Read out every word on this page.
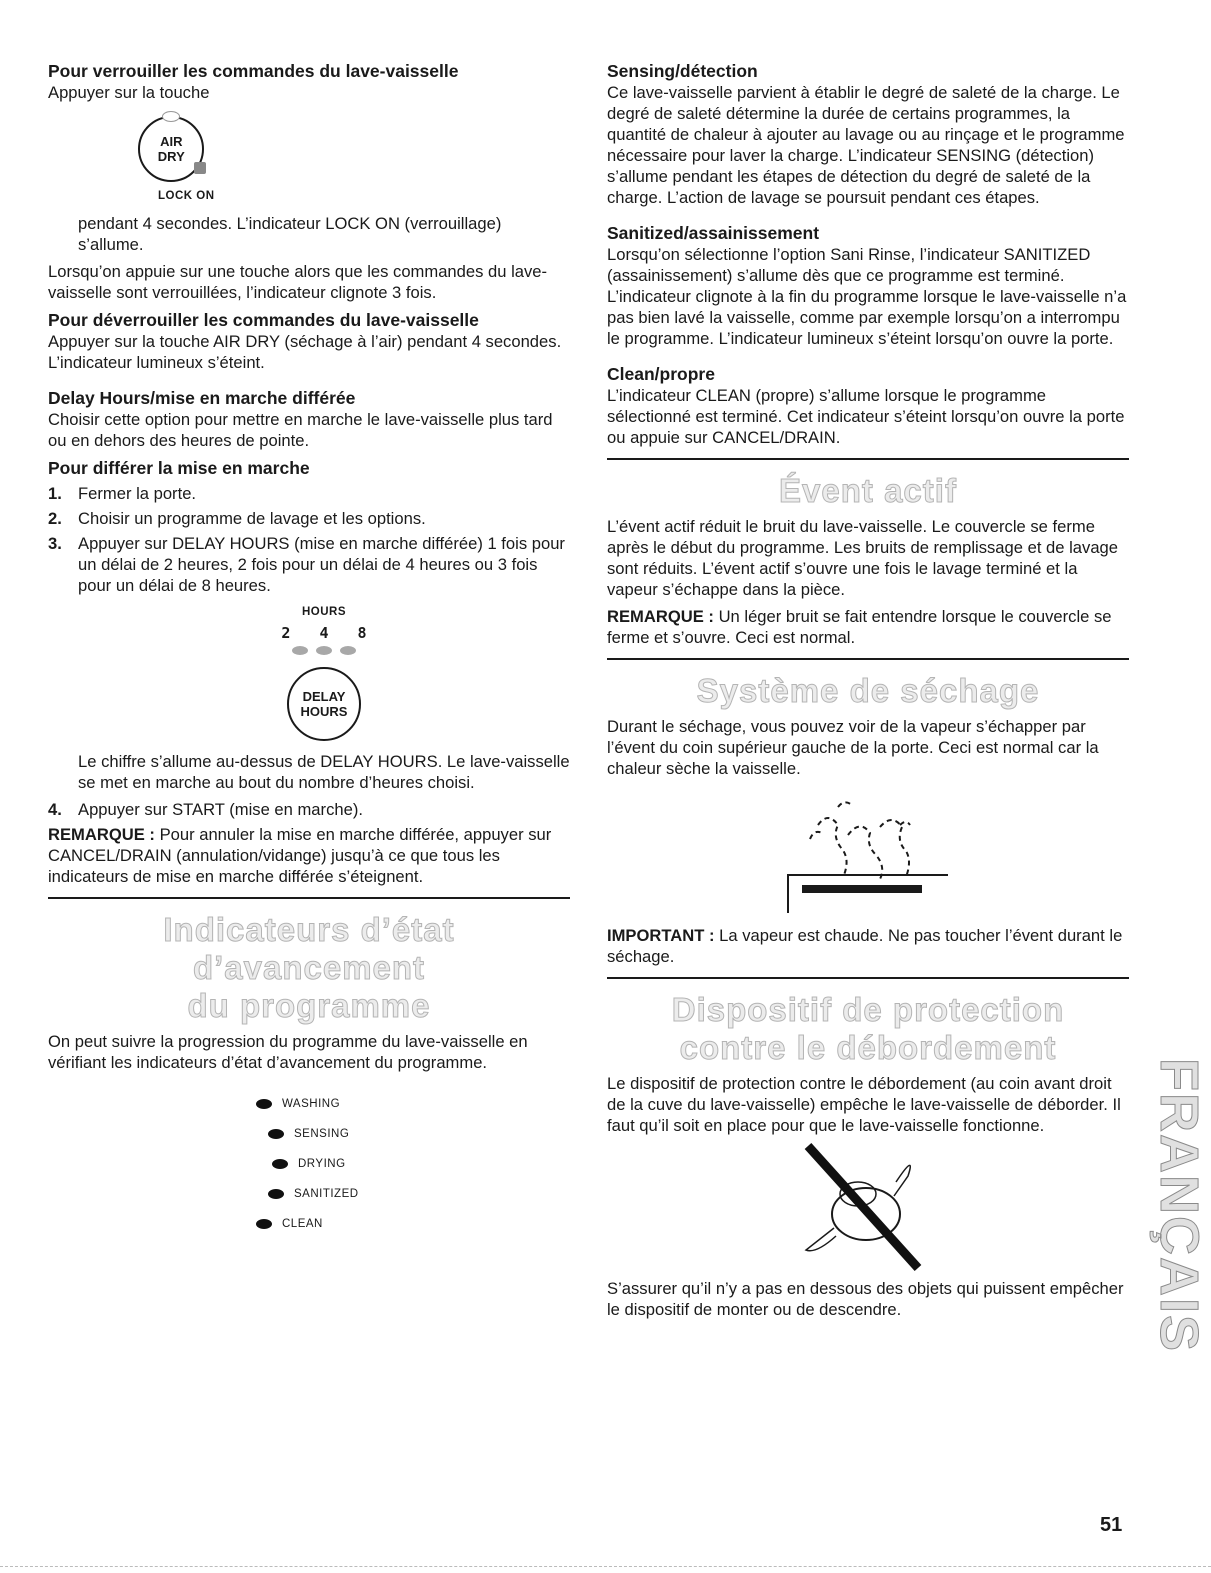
Pour verrouiller les commandes du lave-vaisselle

Appuyer sur la touche

AIR
DRY
LOCK ON

pendant 4 secondes. L’indicateur LOCK ON (verrouillage) s’allume.

Lorsqu’on appuie sur une touche alors que les commandes du lave-vaisselle sont verrouillées, l’indicateur clignote 3 fois.

Pour déverrouiller les commandes du lave-vaisselle

Appuyer sur la touche AIR DRY (séchage à l’air) pendant 4 secondes. L’indicateur lumineux s’éteint.

Delay Hours/mise en marche différée

Choisir cette option pour mettre en marche le lave-vaisselle plus tard ou en dehors des heures de pointe.

Pour différer la mise en marche

1. Fermer la porte.
2. Choisir un programme de lavage et les options.
3. Appuyer sur DELAY HOURS (mise en marche différée) 1 fois pour un délai de 2 heures, 2 fois pour un délai de 4 heures ou 3 fois pour un délai de 8 heures.
HOURS
2 4 8
DELAY
HOURS

Le chiffre s’allume au-dessus de DELAY HOURS. Le lave-vaisselle se met en marche au bout du nombre d’heures choisi.

4. Appuyer sur START (mise en marche).

REMARQUE : Pour annuler la mise en marche différée, appuyer sur CANCEL/DRAIN (annulation/vidange) jusqu’à ce que tous les indicateurs de mise en marche différée s’éteignent.

Indicateurs d’état d’avancement
du programme

On peut suivre la progression du programme du lave-vaisselle en vérifiant les indicateurs d’état d’avancement du programme.

WASHING
SENSING
DRYING
SANITIZED
CLEAN

Sensing/détection

Ce lave-vaisselle parvient à établir le degré de saleté de la charge. Le degré de saleté détermine la durée de certains programmes, la quantité de chaleur à ajouter au lavage ou au rinçage et le programme nécessaire pour laver la charge. L’indicateur SENSING (détection) s’allume pendant les étapes de détection du degré de saleté de la charge. L’action de lavage se poursuit pendant ces étapes.

Sanitized/assainissement

Lorsqu’on sélectionne l’option Sani Rinse, l’indicateur SANITIZED (assainissement) s’allume dès que ce programme est terminé. L’indicateur clignote à la fin du programme lorsque le lave-vaisselle n’a pas bien lavé la vaisselle, comme par exemple lorsqu’on a interrompu le programme. L’indicateur lumineux s’éteint lorsqu’on ouvre la porte.

Clean/propre

L’indicateur CLEAN (propre) s’allume lorsque le programme sélectionné est terminé. Cet indicateur s’éteint lorsqu’on ouvre la porte ou appuie sur CANCEL/DRAIN.

Évent actif

L’évent actif réduit le bruit du lave-vaisselle. Le couvercle se ferme après le début du programme. Les bruits de remplissage et de lavage sont réduits. L’évent actif s’ouvre une fois le lavage terminé et la vapeur s’échappe dans la pièce.

REMARQUE : Un léger bruit se fait entendre lorsque le couvercle se ferme et s’ouvre. Ceci est normal.

Système de séchage

Durant le séchage, vous pouvez voir de la vapeur s’échapper par l’évent du coin supérieur gauche de la porte. Ceci est normal car la chaleur sèche la vaisselle.

IMPORTANT : La vapeur est chaude. Ne pas toucher l’évent durant le séchage.

Dispositif de protection
contre le débordement

Le dispositif de protection contre le débordement (au coin avant droit de la cuve du lave-vaisselle) empêche le lave-vaisselle de déborder. Il faut qu’il soit en place pour que le lave-vaisselle fonctionne.

S’assurer qu’il n’y a pas en dessous des objets qui puissent empêcher le dispositif de monter ou de descendre.	FRANÇAIS
51
